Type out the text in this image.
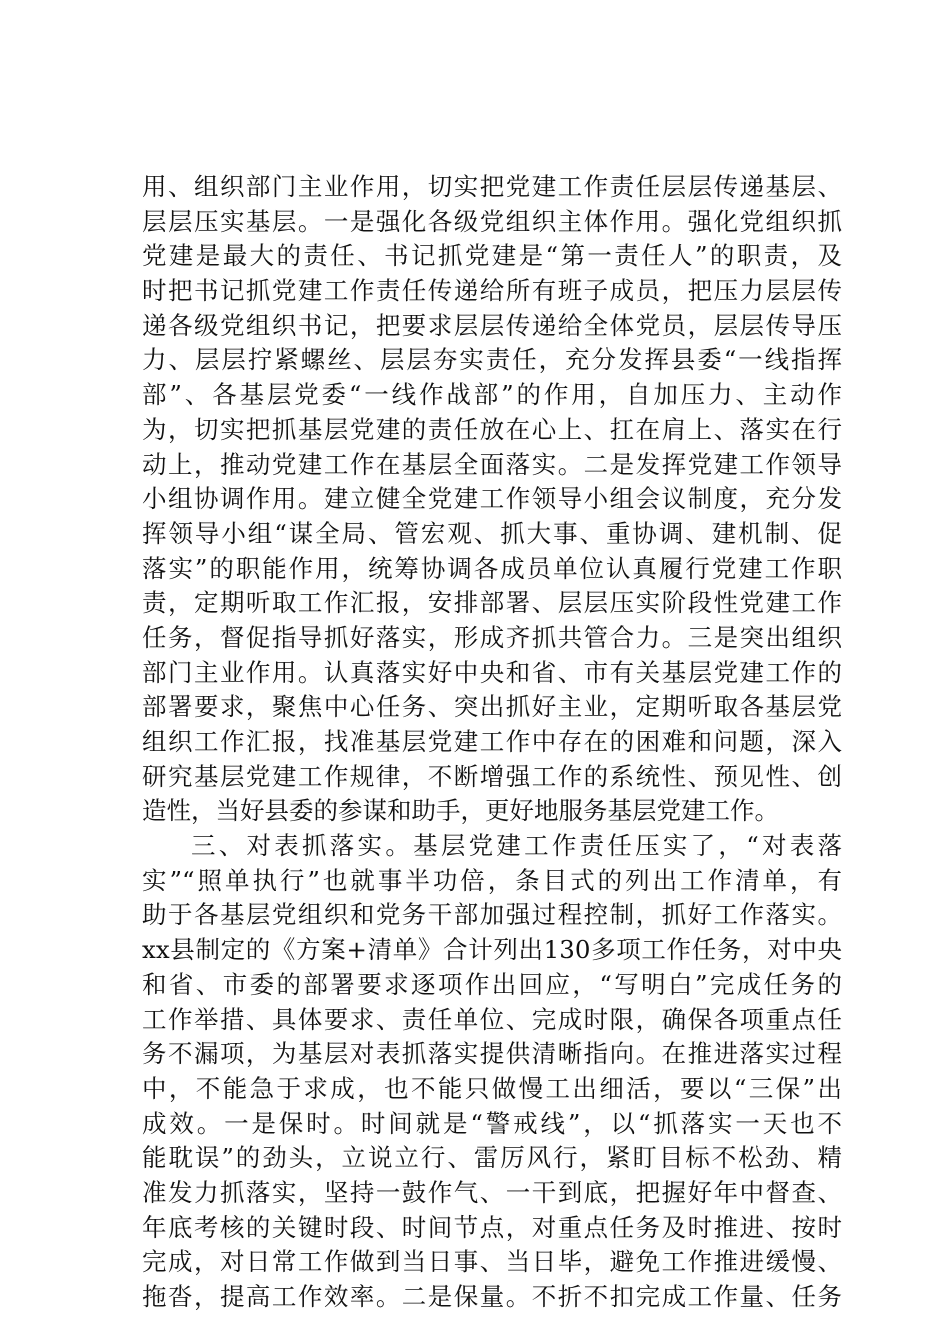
用、组织部门主业作用，切实把党建工作责任层层传递基层、
层层压实基层。一是强化各级党组织主体作用。强化党组织抓
党建是最大的责任、书记抓党建是“第一责任人”的职责，及
时把书记抓党建工作责任传递给所有班子成员，把压力层层传
递各级党组织书记，把要求层层传递给全体党员，层层传导压
力、层层拧紧螺丝、层层夯实责任，充分发挥县委“一线指挥
部”、各基层党委“一线作战部”的作用，自加压力、主动作
为，切实把抓基层党建的责任放在心上、扛在肩上、落实在行
动上，推动党建工作在基层全面落实。二是发挥党建工作领导
小组协调作用。建立健全党建工作领导小组会议制度，充分发
挥领导小组“谋全局、管宏观、抓大事、重协调、建机制、促
落实”的职能作用，统筹协调各成员单位认真履行党建工作职
责，定期听取工作汇报，安排部署、层层压实阶段性党建工作
任务，督促指导抓好落实，形成齐抓共管合力。三是突出组织
部门主业作用。认真落实好中央和省、市有关基层党建工作的
部署要求，聚焦中心任务、突出抓好主业，定期听取各基层党
组织工作汇报，找准基层党建工作中存在的困难和问题，深入
研究基层党建工作规律，不断增强工作的系统性、预见性、创
造性，当好县委的参谋和助手，更好地服务基层党建工作。
三、对表抓落实。基层党建工作责任压实了，“对表落
实”“照单执行”也就事半功倍，条目式的列出工作清单，有
助于各基层党组织和党务干部加强过程控制，抓好工作落实。
xx县制定的《方案+清单》合计列出130多项工作任务，对中央
和省、市委的部署要求逐项作出回应，“写明白”完成任务的
工作举措、具体要求、责任单位、完成时限，确保各项重点任
务不漏项，为基层对表抓落实提供清晰指向。在推进落实过程
中，不能急于求成，也不能只做慢工出细活，要以“三保”出
成效。一是保时。时间就是“警戒线”，以“抓落实一天也不
能耽误”的劲头，立说立行、雷厉风行，紧盯目标不松劲、精
准发力抓落实，坚持一鼓作气、一干到底，把握好年中督查、
年底考核的关键时段、时间节点，对重点任务及时推进、按时
完成，对日常工作做到当日事、当日毕，避免工作推进缓慢、
拖沓，提高工作效率。二是保量。不折不扣完成工作量、任务
